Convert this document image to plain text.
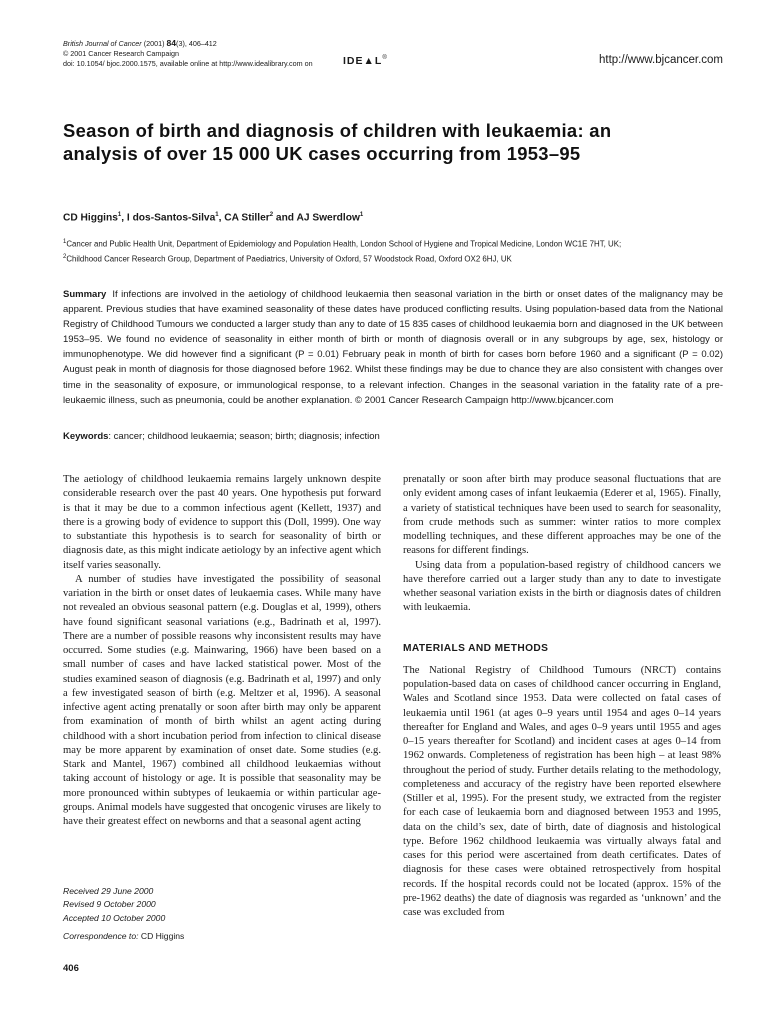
British Journal of Cancer (2001) 84(3), 406–412
© 2001 Cancer Research Campaign
doi: 10.1054/ bjoc.2000.1575, available online at http://www.idealibrary.com on	IDE▲L®	http://www.bjcancer.com
Season of birth and diagnosis of children with leukaemia: an analysis of over 15 000 UK cases occurring from 1953–95
CD Higgins$^1$, I dos-Santos-Silva$^1$, CA Stiller$^2$ and AJ Swerdlow$^1$
$^1$Cancer and Public Health Unit, Department of Epidemiology and Population Health, London School of Hygiene and Tropical Medicine, London WC1E 7HT, UK;
$^2$Childhood Cancer Research Group, Department of Paediatrics, University of Oxford, 57 Woodstock Road, Oxford OX2 6HJ, UK
Summary If infections are involved in the aetiology of childhood leukaemia then seasonal variation in the birth or onset dates of the malignancy may be apparent. Previous studies that have examined seasonality of these dates have produced conflicting results. Using population-based data from the National Registry of Childhood Tumours we conducted a larger study than any to date of 15 835 cases of childhood leukaemia born and diagnosed in the UK between 1953–95. We found no evidence of seasonality in either month of birth or month of diagnosis overall or in any subgroups by age, sex, histology or immunophenotype. We did however find a significant (P = 0.01) February peak in month of birth for cases born before 1960 and a significant (P = 0.02) August peak in month of diagnosis for those diagnosed before 1962. Whilst these findings may be due to chance they are also consistent with changes over time in the seasonality of exposure, or immunological response, to a relevant infection. Changes in the seasonal variation in the fatality rate of a pre-leukaemic illness, such as pneumonia, could be another explanation. © 2001 Cancer Research Campaign http://www.bjcancer.com
Keywords: cancer; childhood leukaemia; season; birth; diagnosis; infection

The aetiology of childhood leukaemia remains largely unknown despite considerable research over the past 40 years. One hypothesis put forward is that it may be due to a common infectious agent (Kellett, 1937) and there is a growing body of evidence to support this (Doll, 1999). One way to substantiate this hypothesis is to search for seasonality of birth or diagnosis date, as this might indicate aetiology by an infective agent which itself varies seasonally.

A number of studies have investigated the possibility of seasonal variation in the birth or onset dates of leukaemia cases. While many have not revealed an obvious seasonal pattern (e.g. Douglas et al, 1999), others have found significant seasonal variations (e.g., Badrinath et al, 1997). There are a number of possible reasons why inconsistent results may have occurred. Some studies (e.g. Mainwaring, 1966) have been based on a small number of cases and have lacked statistical power. Most of the studies examined season of diagnosis (e.g. Badrinath et al, 1997) and only a few investigated season of birth (e.g. Meltzer et al, 1996). A seasonal infective agent acting prenatally or soon after birth may only be apparent from examination of month of birth whilst an agent acting during childhood with a short incubation period from infection to clinical disease may be more apparent by examination of onset date. Some studies (e.g. Stark and Mantel, 1967) combined all childhood leukaemias without taking account of histology or age. It is possible that seasonality may be more pronounced within subtypes of leukaemia or within particular age-groups. Animal models have suggested that oncogenic viruses are likely to have their greatest effect on newborns and that a seasonal agent acting

prenatally or soon after birth may produce seasonal fluctuations that are only evident among cases of infant leukaemia (Ederer et al, 1965). Finally, a variety of statistical techniques have been used to search for seasonality, from crude methods such as summer: winter ratios to more complex modelling techniques, and these different approaches may be one of the reasons for different findings.

Using data from a population-based registry of childhood cancers we have therefore carried out a larger study than any to date to investigate whether seasonal variation exists in the birth or diagnosis dates of children with leukaemia.

MATERIALS AND METHODS

The National Registry of Childhood Tumours (NRCT) contains population-based data on cases of childhood cancer occurring in England, Wales and Scotland since 1953. Data were collected on fatal cases of leukaemia until 1961 (at ages 0–9 years until 1954 and ages 0–14 years thereafter for England and Wales, and ages 0–9 years until 1955 and ages 0–15 years thereafter for Scotland) and incident cases at ages 0–14 from 1962 onwards. Completeness of registration has been high – at least 98% throughout the period of study. Further details relating to the methodology, completeness and accuracy of the registry have been reported elsewhere (Stiller et al, 1995). For the present study, we extracted from the register for each case of leukaemia born and diagnosed between 1953 and 1995, data on the child’s sex, date of birth, date of diagnosis and histological type. Before 1962 childhood leukaemia was virtually always fatal and cases for this period were ascertained from death certificates. Dates of diagnosis for these cases were obtained retrospectively from hospital records. If the hospital records could not be located (approx. 15% of the pre-1962 deaths) the date of diagnosis was regarded as ‘unknown’ and the case was excluded from

Received 29 June 2000
Revised 9 October 2000
Accepted 10 October 2000
Correspondence to: CD Higgins
406
